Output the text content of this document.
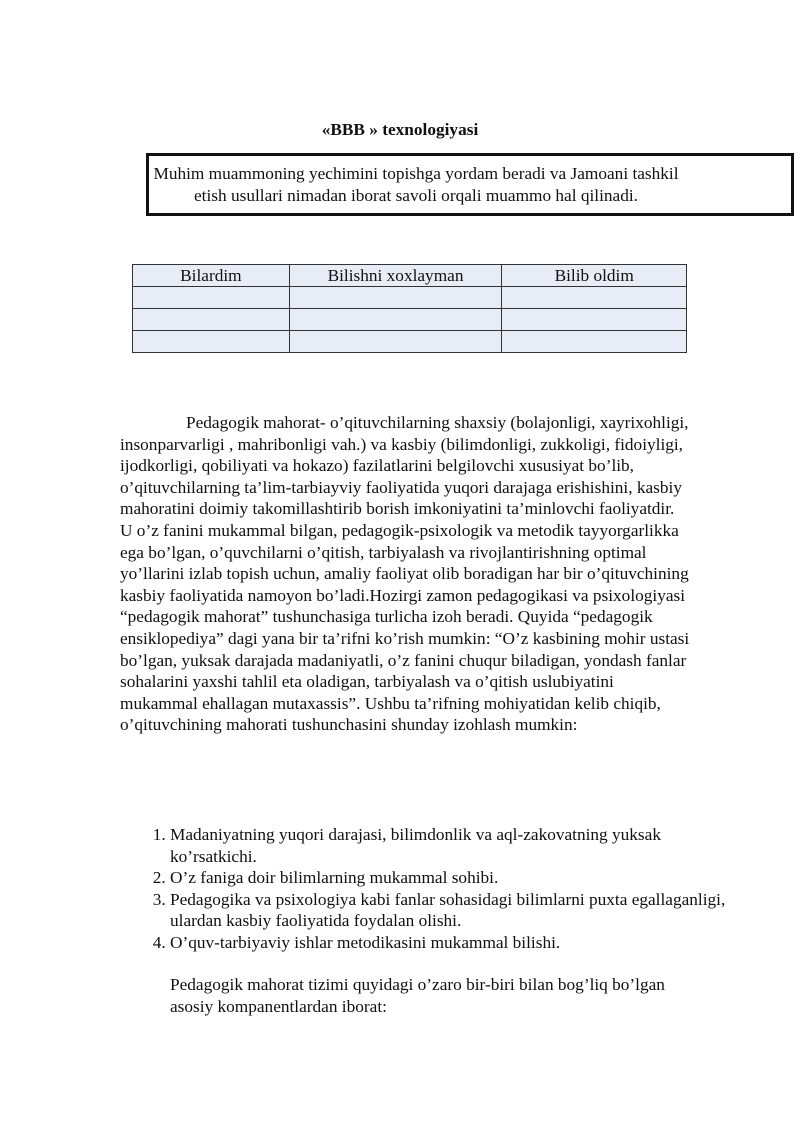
«BBB » texnologiyasi
Muhim muammoning yechimini topishga yordam beradi va Jamoani tashkil etish usullari nimadan iborat savoli orqali muammo hal qilinadi.
Bilardim	Bilishni xoxlayman	Bilib oldim

Pedagogik mahorat- o’qituvchilarning shaxsiy (bolajonligi, xayrixohligi, insonparvarligi , mahribonligi vah.) va kasbiy (bilimdonligi, zukkoligi, fidoiyligi, ijodkorligi, qobiliyati va hokazo) fazilatlarini belgilovchi xususiyat bo’lib, o’qituvchilarning ta’lim-tarbiayviy faoliyatida yuqori darajaga erishishini, kasbiy mahoratini doimiy takomillashtirib borish imkoniyatini ta’minlovchi faoliyatdir. U o’z fanini mukammal bilgan, pedagogik-psixologik va metodik tayyorgarlikka ega bo’lgan, o’quvchilarni o’qitish, tarbiyalash va rivojlantirishning optimal yo’llarini izlab topish uchun, amaliy faoliyat olib boradigan har bir o’qituvchining kasbiy faoliyatida namoyon bo’ladi.Hozirgi zamon pedagogikasi va psixologiyasi “pedagogik mahorat” tushunchasiga turlicha izoh beradi. Quyida “pedagogik ensiklopediya” dagi yana bir ta’rifni ko’rish mumkin: “O’z kasbining mohir ustasi bo’lgan, yuksak darajada madaniyatli, o’z fanini chuqur biladigan, yondash fanlar sohalarini yaxshi tahlil eta oladigan, tarbiyalash va o’qitish uslubiyatini mukammal ehallagan mutaxassis”. Ushbu ta’rifning mohiyatidan kelib chiqib, o’qituvchining mahorati tushunchasini shunday izohlash mumkin:

1. Madaniyatning yuqori darajasi, bilimdonlik va aql-zakovatning yuksak ko’rsatkichi.
2. O’z faniga doir bilimlarning mukammal sohibi.
3. Pedagogika va psixologiya kabi fanlar sohasidagi bilimlarni puxta egallaganligi, ulardan kasbiy faoliyatida foydalan olishi.
4. O’quv-tarbiyaviy ishlar metodikasini mukammal bilishi.

Pedagogik mahorat tizimi quyidagi o’zaro bir-biri bilan bog’liq bo’lgan asosiy kompanentlardan iborat:
